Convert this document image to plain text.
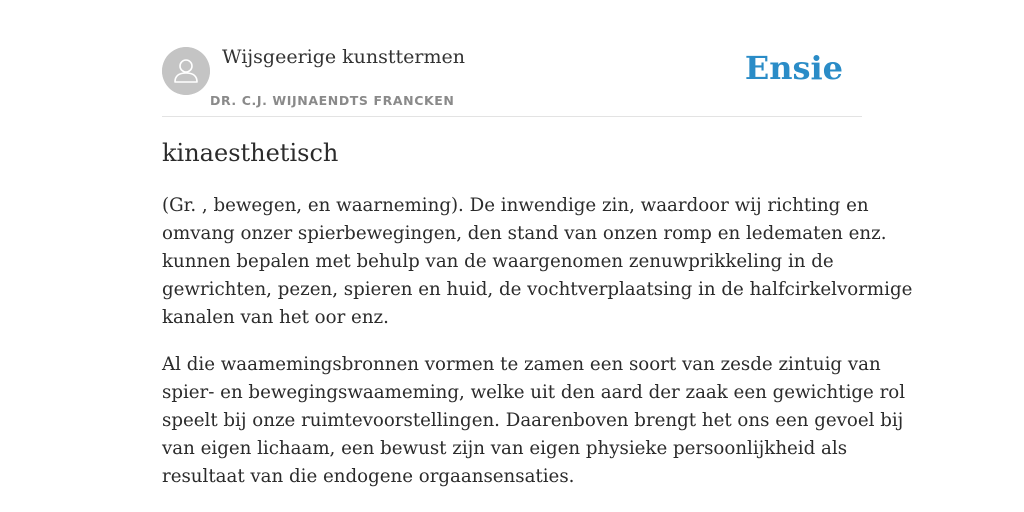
Wijsgeerige kunsttermen
DR. C.J. WIJNAENDTS FRANCKEN
Ensie
kinaesthetisch
(Gr. , bewegen, en waarneming). De inwendige zin, waardoor wij richting en
omvang onzer spierbewegingen, den stand van onzen romp en ledematen enz.
kunnen bepalen met behulp van de waargenomen zenuwprikkeling in de
gewrichten, pezen, spieren en huid, de vochtverplaatsing in de halfcirkelvormige
kanalen van het oor enz.
Al die waamemingsbronnen vormen te zamen een soort van zesde zintuig van
spier- en bewegingswaameming, welke uit den aard der zaak een gewichtige rol
speelt bij onze ruimtevoorstellingen. Daarenboven brengt het ons een gevoel bij
van eigen lichaam, een bewust zijn van eigen physieke persoonlijkheid als
resultaat van die endogene orgaansensaties.
